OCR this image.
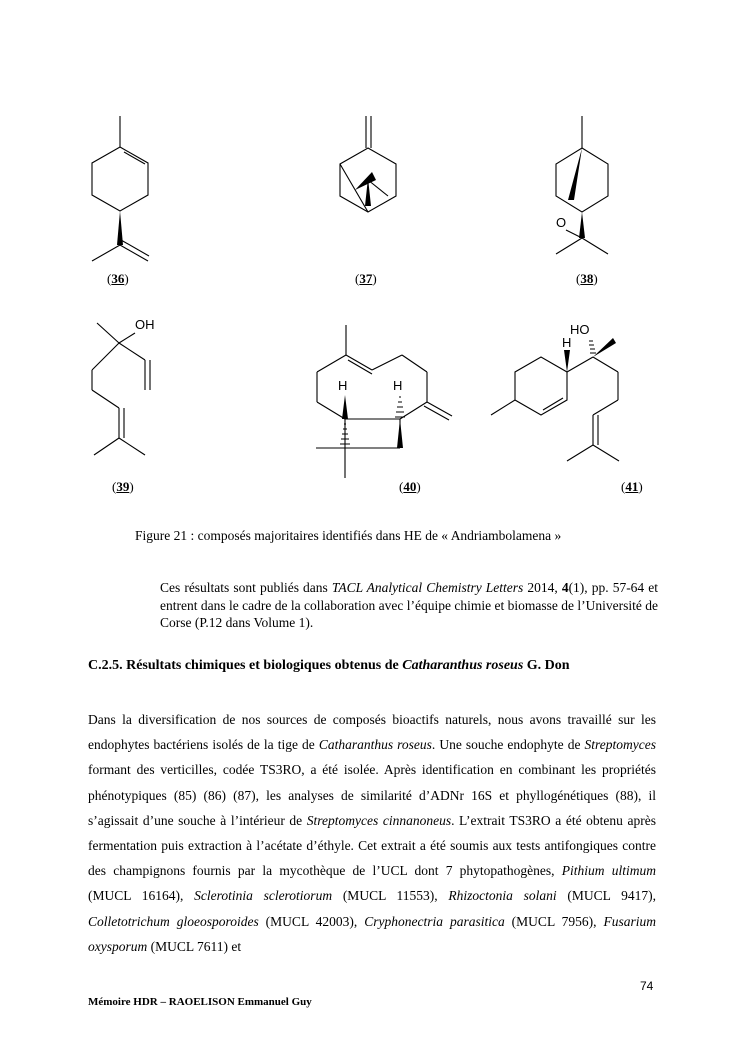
O
OH
H	H
HO
H
(36)	(37)	(38)
(39)	(40)	(41)
Figure 21 : composés majoritaires identifiés dans HE de « Andriambolamena »
Ces résultats sont publiés dans TACL Analytical Chemistry Letters 2014, 4(1), pp. 57-64 et entrent dans le cadre de la collaboration avec l’équipe chimie et biomasse de l’Université de Corse (P.12 dans Volume 1).
C.2.5. Résultats chimiques et biologiques obtenus de Catharanthus roseus G. Don
Dans la diversification de nos sources de composés bioactifs naturels, nous avons travaillé sur les endophytes bactériens isolés de la tige de Catharanthus roseus. Une souche endophyte de Streptomyces formant des verticilles, codée TS3RO, a été isolée. Après identification en combinant les propriétés phénotypiques (85) (86) (87), les analyses de similarité d’ADNr 16S et phyllogénétiques (88), il s’agissait d’une souche à l’intérieur de Streptomyces cinnanoneus. L’extrait TS3RO a été obtenu après fermentation puis extraction à l’acétate d’éthyle. Cet extrait a été soumis aux tests antifongiques contre des champignons fournis par la mycothèque de l’UCL dont 7 phytopathogènes, Pithium ultimum (MUCL 16164), Sclerotinia sclerotiorum (MUCL 11553), Rhizoctonia solani (MUCL 9417), Colletotrichum gloeosporoides (MUCL 42003), Cryphonectria parasitica (MUCL 7956), Fusarium oxysporum (MUCL 7611) et
74
Mémoire HDR – RAOELISON Emmanuel Guy
